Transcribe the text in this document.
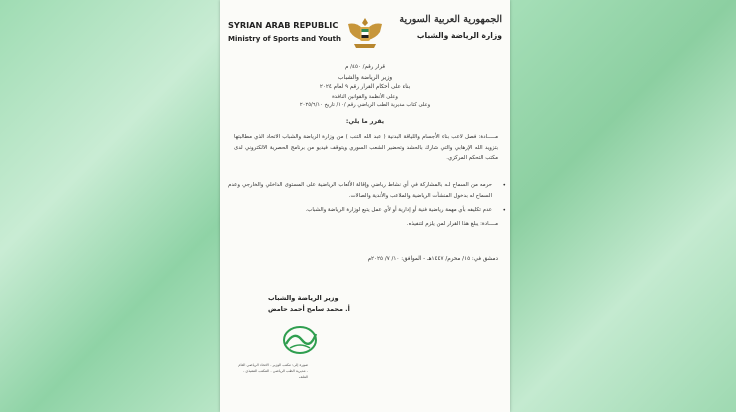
SYRIAN ARAB REPUBLIC
Ministry of Sports and Youth
الجمهورية العربية السورية
وزارة الرياضة والشباب
قرار رقم/ ٤٥٠/ م
وزير الرياضة والشباب
بناء على أحكام القرار رقم ٩ لعام ٢٠٢٤
وعلى الأنظمة والقوانين النافذة
وعلى كتاب مديرية الطب الرياضي رقم /١٠/ تاريخ ٢٠٢٥/٦/١٠
يقرر ما يلي:
مـــــادة: فصل لاعب بناء الأجسام واللياقة البدنية ( عبد الله التنب ) من وزارة الرياضة والشباب الاتحاد الذي مطالبتها بتزويد الله الإرهابي والتي شارك بالحشد وتحضير الشعب السوري ويتوقف فيديو من برنامج الحصرية الالكتروني لدى مكتب التحكم المركزي.
•
حرمه من السماح لـه بالمشاركة في أي نشاط رياضي وإقالة الألعاب الرياضية على المستوى الداخلي والخارجي وعدم السماح له بدخول المنشآت الرياضية والملاعب والأندية والصالات.
•
عدم تكليفه بأي مهمة رياضية فنية أو إدارية أو لأي عمل يتبع لوزارة الرياضة والشباب.
مــــادة: يبلغ هذا القرار لمن يلزم لتنفيذه.
دمشق في: ١٥/ محرم/ ١٤٤٧هـ - الموافق: ١٠/ ٧/ ٢٠٢٥م
وزير الرياضة والشباب
أ. محمد سامح أحمد حامض
صورة إلى: مكتب الوزير - الاتحاد الرياضي العام - مديرية الطب الرياضي - المكتب التنفيذي - الملف
